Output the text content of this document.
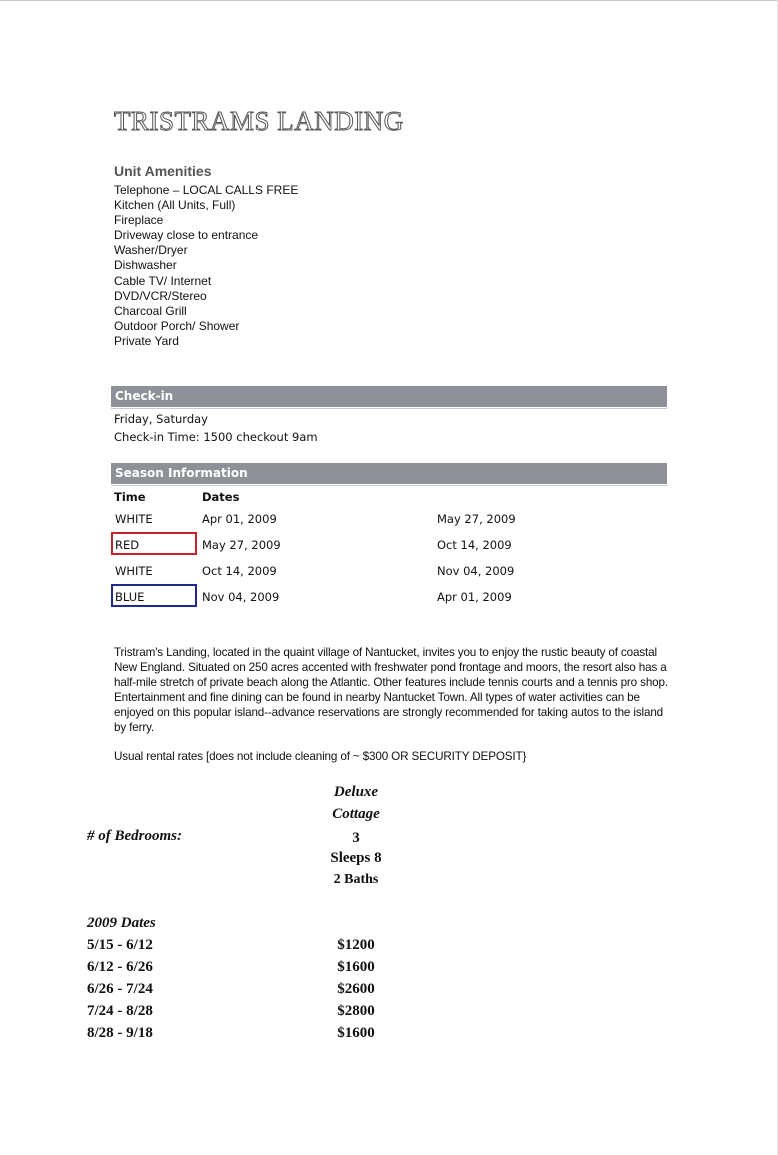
TRISTRAMS LANDING
Unit Amenities
Telephone – LOCAL CALLS FREE
Kitchen (All Units, Full)
Fireplace
Driveway close to entrance
Washer/Dryer
Dishwasher
Cable TV/ Internet
DVD/VCR/Stereo
Charcoal Grill
Outdoor Porch/ Shower
Private Yard
Check-in
Friday, Saturday
Check-in Time: 1500 checkout 9am
Season Information
Time	Dates
WHITE	Apr 01, 2009	May 27, 2009
RED	May 27, 2009	Oct 14, 2009
WHITE	Oct 14, 2009	Nov 04, 2009
BLUE	Nov 04, 2009	Apr 01, 2009

Tristram's Landing, located in the quaint village of Nantucket, invites you to enjoy the rustic beauty of coastal New England. Situated on 250 acres accented with freshwater pond frontage and moors, the resort also has a half-mile stretch of private beach along the Atlantic. Other features include tennis courts and a tennis pro shop. Entertainment and fine dining can be found in nearby Nantucket Town. All types of water activities can be enjoyed on this popular island--advance reservations are strongly recommended for taking autos to the island by ferry.

Usual rental rates [does not include cleaning of ~ $300 OR SECURITY DEPOSIT}
Deluxe
Cottage
# of Bedrooms:	3
Sleeps 8
2 Baths
2009 Dates
5/15 - 6/12	$1200
6/12 - 6/26	$1600
6/26 - 7/24	$2600
7/24 - 8/28	$2800
8/28 - 9/18	$1600
